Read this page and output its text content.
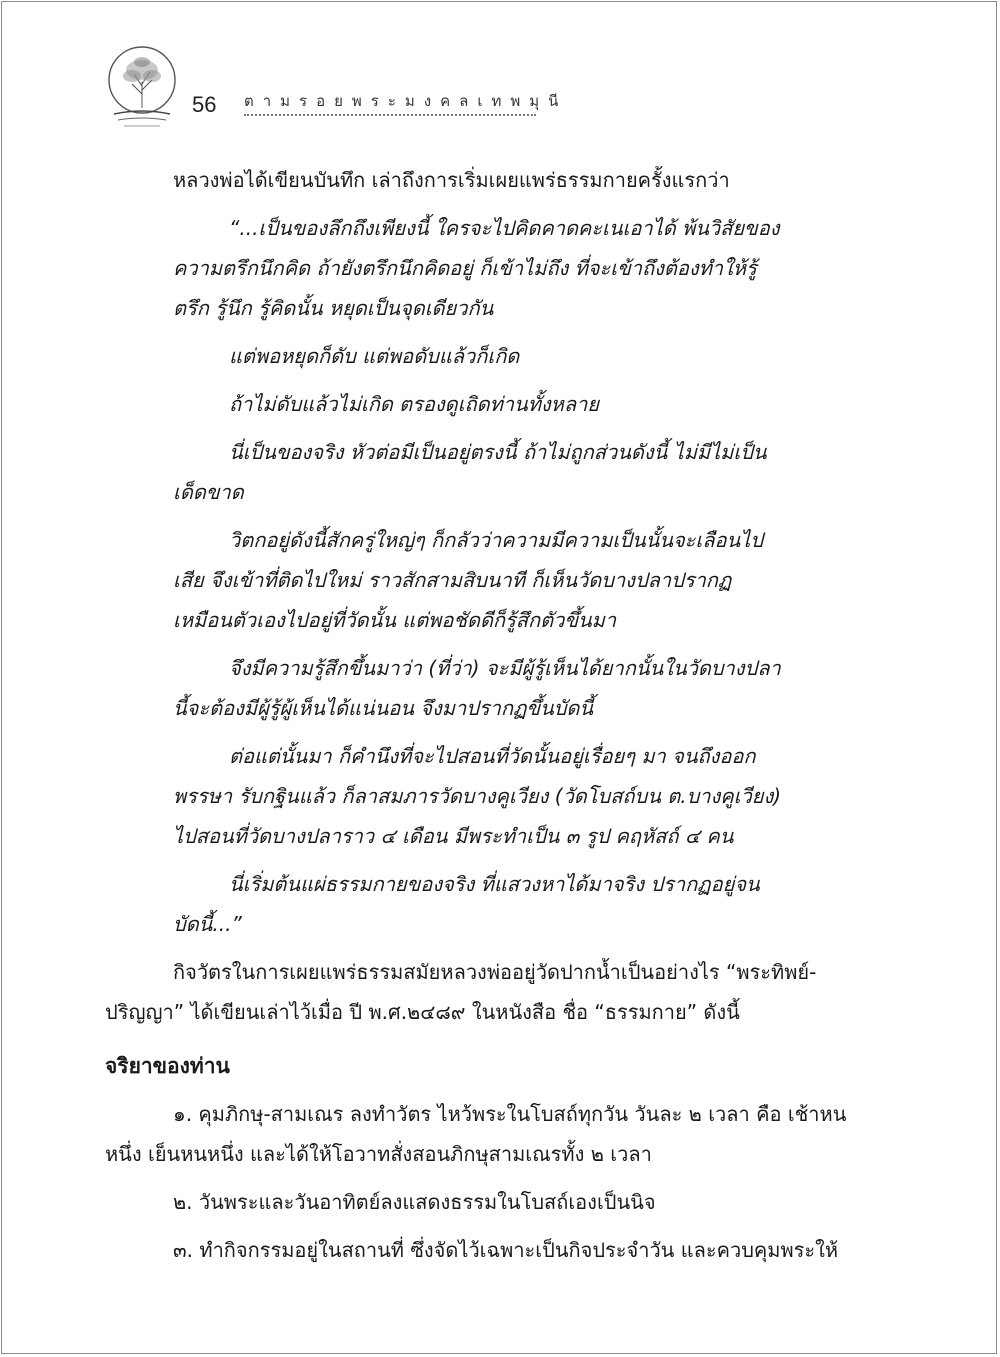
56 ตามรอยพระมงคลเทพมุนี
หลวงพ่อได้เขียนบันทึก เล่าถึงการเริ่มเผยแพร่ธรรมกายครั้งแรกว่า
“...เป็นของลึกถึงเพียงนี้ ใครจะไปคิดคาดคะเนเอาได้ พ้นวิสัยของ
ความตรึกนึกคิด ถ้ายังตรึกนึกคิดอยู่ ก็เข้าไม่ถึง ที่จะเข้าถึงต้องทำให้รู้
ตรึก รู้นึก รู้คิดนั้น หยุดเป็นจุดเดียวกัน
แต่พอหยุดก็ดับ แต่พอดับแล้วก็เกิด
ถ้าไม่ดับแล้วไม่เกิด ตรองดูเถิดท่านทั้งหลาย
นี่เป็นของจริง หัวต่อมีเป็นอยู่ตรงนี้ ถ้าไม่ถูกส่วนดังนี้ ไม่มีไม่เป็น
เด็ดขาด
วิตกอยู่ดังนี้สักครู่ใหญ่ๆ ก็กลัวว่าความมีความเป็นนั้นจะเลือนไป
เสีย จึงเข้าที่ติดไปใหม่ ราวสักสามสิบนาที ก็เห็นวัดบางปลาปรากฏ
เหมือนตัวเองไปอยู่ที่วัดนั้น แต่พอชัดดีก็รู้สึกตัวขึ้นมา
จึงมีความรู้สึกขึ้นมาว่า (ที่ว่า) จะมีผู้รู้เห็นได้ยากนั้นในวัดบางปลา
นี้จะต้องมีผู้รู้ผู้เห็นได้แน่นอน จึงมาปรากฏขึ้นบัดนี้
ต่อแต่นั้นมา ก็คำนึงที่จะไปสอนที่วัดนั้นอยู่เรื่อยๆ มา จนถึงออก
พรรษา รับกฐินแล้ว ก็ลาสมภารวัดบางคูเวียง (วัดโบสถ์บน ต.บางคูเวียง)
ไปสอนที่วัดบางปลาราว ๔ เดือน มีพระทำเป็น ๓ รูป คฤหัสถ์ ๔ คน
นี่เริ่มต้นแผ่ธรรมกายของจริง ที่แสวงหาได้มาจริง ปรากฏอยู่จน
บัดนี้...”
กิจวัตรในการเผยแพร่ธรรมสมัยหลวงพ่ออยู่วัดปากน้ำเป็นอย่างไร “พระทิพย์-
ปริญญา” ได้เขียนเล่าไว้เมื่อ ปี พ.ศ.๒๔๘๙ ในหนังสือ ชื่อ “ธรรมกาย” ดังนี้
จริยาของท่าน
๑. คุมภิกษุ-สามเณร ลงทำวัตร ไหว้พระในโบสถ์ทุกวัน วันละ ๒ เวลา คือ เช้าหน
หนึ่ง เย็นหนหนึ่ง และได้ให้โอวาทสั่งสอนภิกษุสามเณรทั้ง ๒ เวลา
๒. วันพระและวันอาทิตย์ลงแสดงธรรมในโบสถ์เองเป็นนิจ
๓. ทำกิจกรรมอยู่ในสถานที่ ซึ่งจัดไว้เฉพาะเป็นกิจประจำวัน และควบคุมพระให้
